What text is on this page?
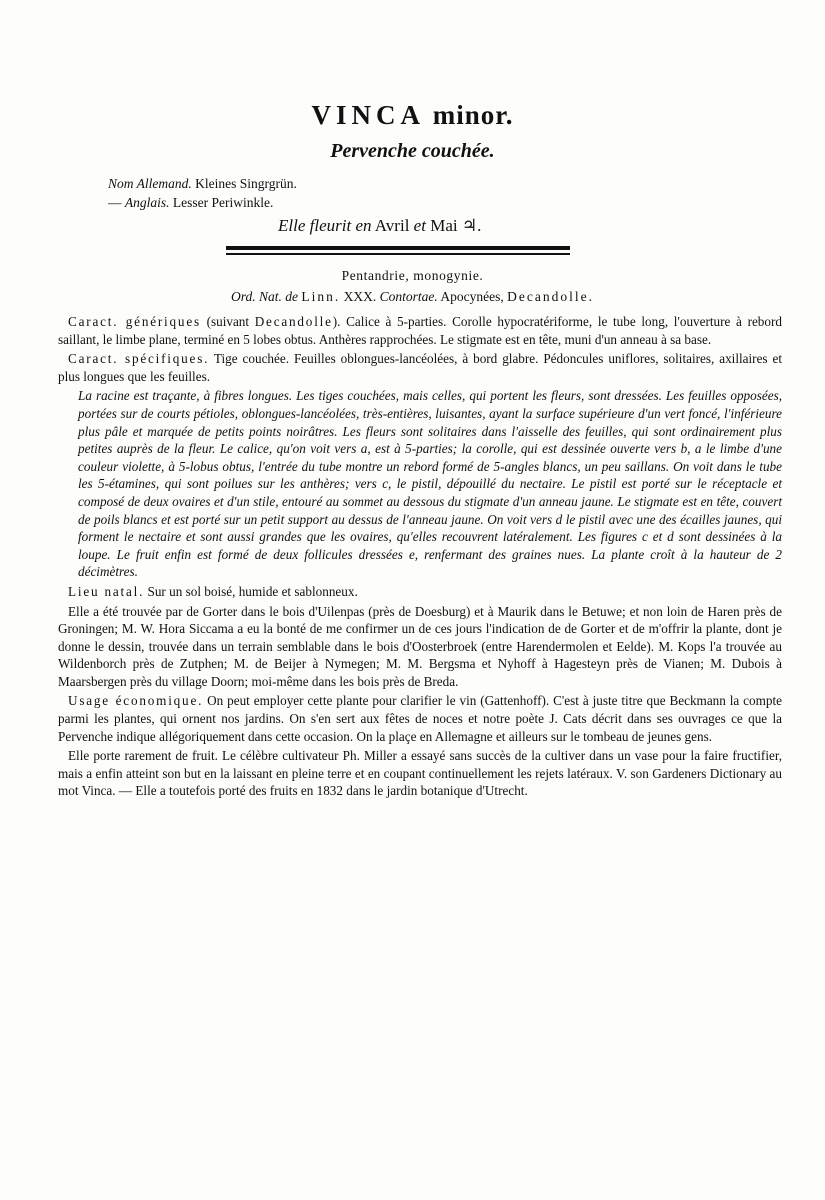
VINCA minor.
Pervenche couchée.
Nom Allemand. Kleines Singrgrün.
— Anglais. Lesser Periwinkle.
Elle fleurit en Avril et Mai ♃.
Pentandrie, monogynie.
Ord. Nat. de Linn. XXX. Contortae. Apocynées, Decandolle.

Caract. génériques (suivant Decandolle). Calice à 5-parties. Corolle hypocratériforme, le tube long, l'ouverture à rebord saillant, le limbe plane, terminé en 5 lobes obtus. Anthères rapprochées. Le stigmate est en tête, muni d'un anneau à sa base.

Caract. spécifiques. Tige couchée. Feuilles oblongues-lancéolées, à bord glabre. Pédoncules uniflores, solitaires, axillaires et plus longues que les feuilles.

La racine est traçante, à fibres longues. Les tiges couchées, mais celles, qui portent les fleurs, sont dressées. Les feuilles opposées, portées sur de courts pétioles, oblongues-lancéolées, très-entières, luisantes, ayant la surface supérieure d'un vert foncé, l'inférieure plus pâle et marquée de petits points noirâtres. Les fleurs sont solitaires dans l'aisselle des feuilles, qui sont ordinairement plus petites auprès de la fleur. Le calice, qu'on voit vers a, est à 5-parties; la corolle, qui est dessinée ouverte vers b, a le limbe d'une couleur violette, à 5-lobus obtus, l'entrée du tube montre un rebord formé de 5-angles blancs, un peu saillans. On voit dans le tube les 5-étamines, qui sont poilues sur les anthères; vers c, le pistil, dépouillé du nectaire. Le pistil est porté sur le réceptacle et composé de deux ovaires et d'un stile, entouré au sommet au dessous du stigmate d'un anneau jaune. Le stigmate est en tête, couvert de poils blancs et est porté sur un petit support au dessus de l'anneau jaune. On voit vers d le pistil avec une des écailles jaunes, qui forment le nectaire et sont aussi grandes que les ovaires, qu'elles recouvrent latéralement. Les figures c et d sont dessinées à la loupe. Le fruit enfin est formé de deux follicules dressées e, renfermant des graines nues. La plante croît à la hauteur de 2 décimètres.

Lieu natal. Sur un sol boisé, humide et sablonneux.

Elle a été trouvée par de Gorter dans le bois d'Uilenpas (près de Doesburg) et à Maurik dans le Betuwe; et non loin de Haren près de Groningen; M. W. Hora Siccama a eu la bonté de me confirmer un de ces jours l'indication de de Gorter et de m'offrir la plante, dont je donne le dessin, trouvée dans un terrain semblable dans le bois d'Oosterbroek (entre Harendermolen et Eelde). M. Kops l'a trouvée au Wildenborch près de Zutphen; M. de Beijer à Nymegen; M. M. Bergsma et Nyhoff à Hagesteyn près de Vianen; M. Dubois à Maarsbergen près du village Doorn; moi-même dans les bois près de Breda.

Usage économique. On peut employer cette plante pour clarifier le vin (Gattenhoff). C'est à juste titre que Beckmann la compte parmi les plantes, qui ornent nos jardins. On s'en sert aux fêtes de noces et notre poète J. Cats décrit dans ses ouvrages ce que la Pervenche indique allégoriquement dans cette occasion. On la plaçe en Allemagne et ailleurs sur le tombeau de jeunes gens.

Elle porte rarement de fruit. Le célèbre cultivateur Ph. Miller a essayé sans succès de la cultiver dans un vase pour la faire fructifier, mais a enfin atteint son but en la laissant en pleine terre et en coupant continuellement les rejets latéraux. V. son Gardeners Dictionary au mot Vinca. — Elle a toutefois porté des fruits en 1832 dans le jardin botanique d'Utrecht.
